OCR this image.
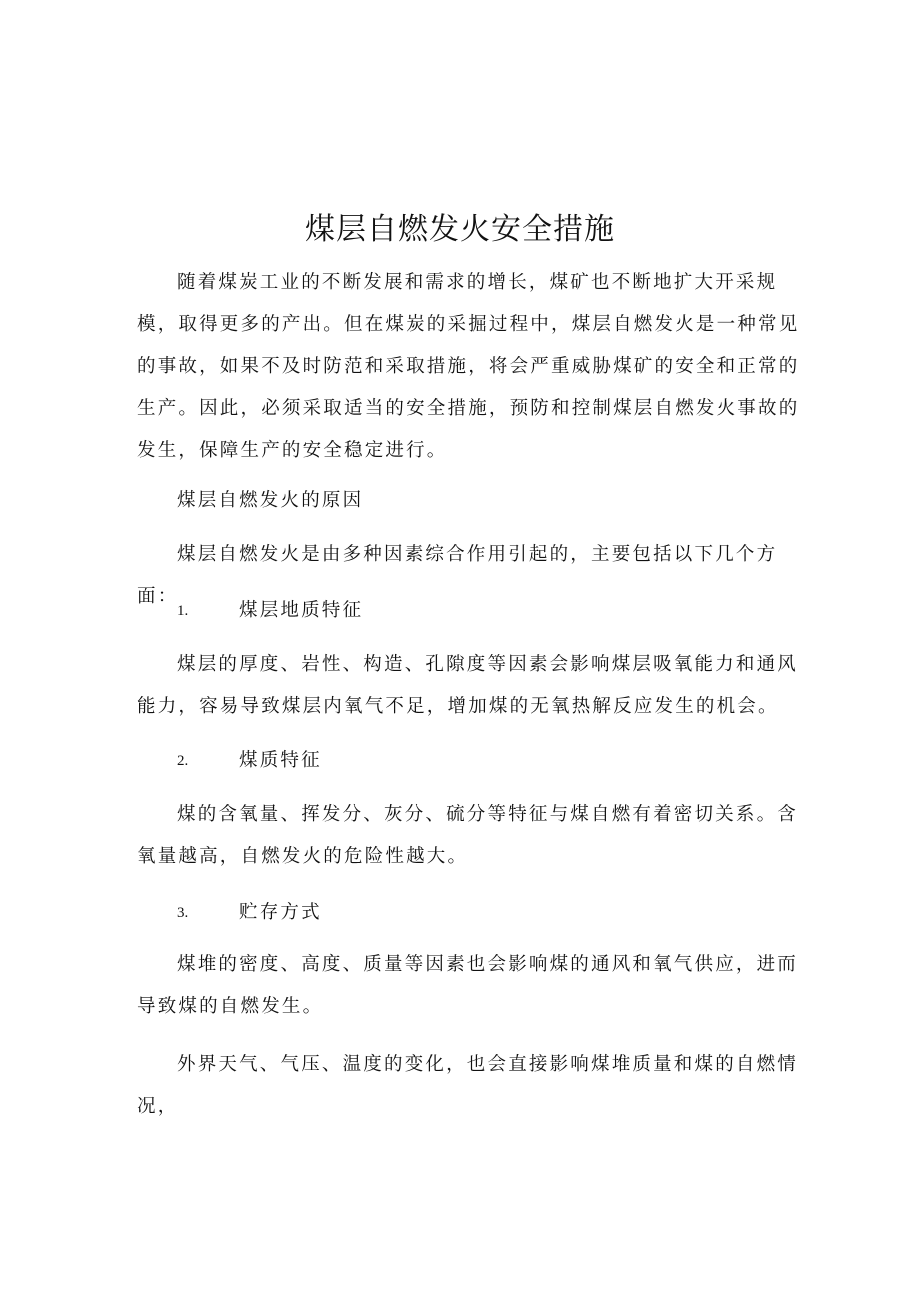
煤层自燃发火安全措施

随着煤炭工业的不断发展和需求的增长，煤矿也不断地扩大开采规模，取得更多的产出。但在煤炭的采掘过程中，煤层自燃发火是一种常见的事故，如果不及时防范和采取措施，将会严重威胁煤矿的安全和正常的生产。因此，必须采取适当的安全措施，预防和控制煤层自燃发火事故的发生，保障生产的安全稳定进行。

煤层自燃发火的原因

煤层自燃发火是由多种因素综合作用引起的，主要包括以下几个方面：

1.	煤层地质特征

煤层的厚度、岩性、构造、孔隙度等因素会影响煤层吸氧能力和通风能力，容易导致煤层内氧气不足，增加煤的无氧热解反应发生的机会。

2.	煤质特征

煤的含氧量、挥发分、灰分、硫分等特征与煤自燃有着密切关系。含氧量越高，自燃发火的危险性越大。

3.	贮存方式

煤堆的密度、高度、质量等因素也会影响煤的通风和氧气供应，进而导致煤的自燃发生。

外界天气、气压、温度的变化，也会直接影响煤堆质量和煤的自燃情况，
